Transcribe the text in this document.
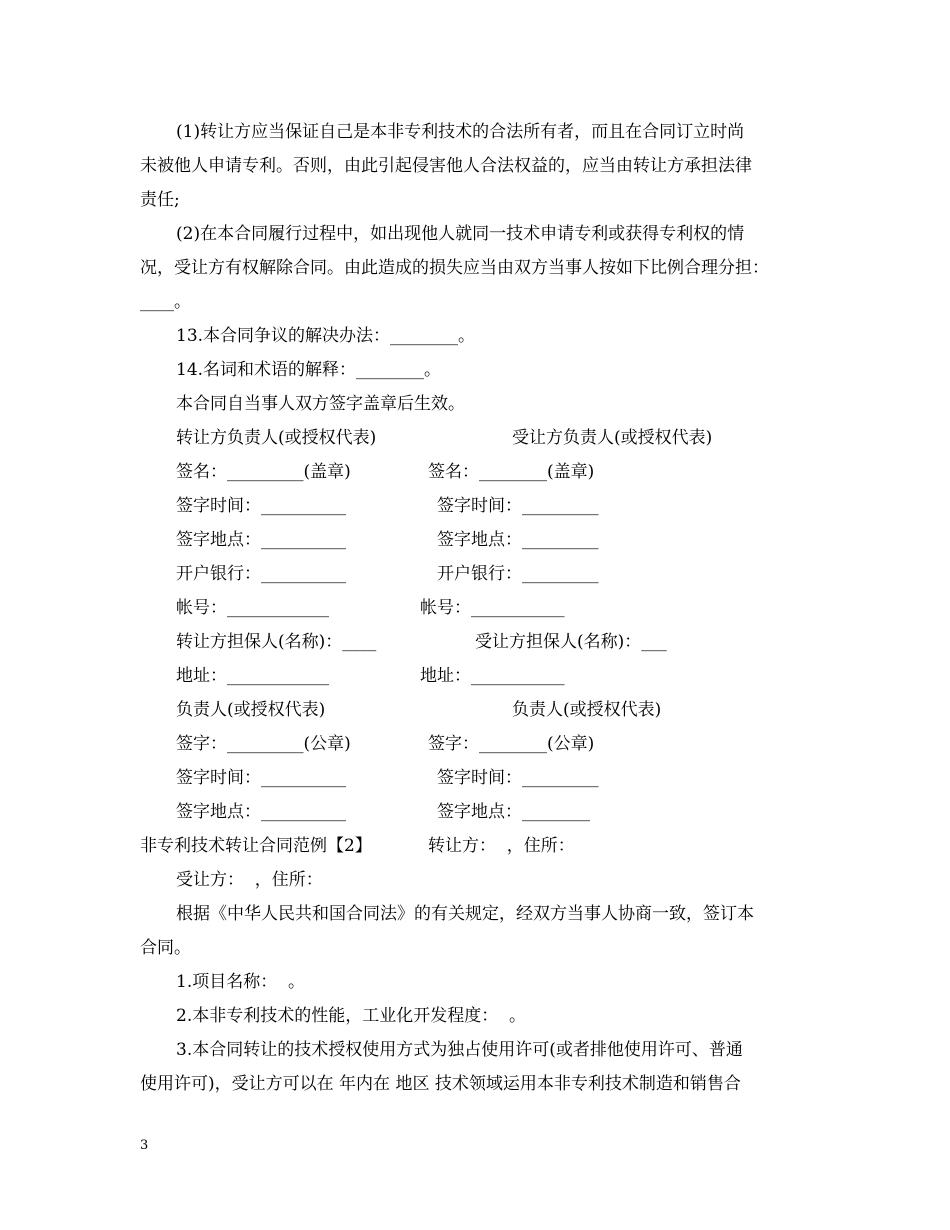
(1)转让方应当保证自己是本非专利技术的合法所有者，而且在合同订立时尚

未被他人申请专利。否则，由此引起侵害他人合法权益的，应当由转让方承担法律

责任;

(2)在本合同履行过程中，如出现他人就同一技术申请专利或获得专利权的情

况，受让方有权解除合同。由此造成的损失应当由双方当事人按如下比例合理分担：

____。

13.本合同争议的解决办法：________。

14.名词和术语的解释：________。

本合同自当事人双方签字盖章后生效。

转让方负责人(或授权代表)	受让方负责人(或授权代表)
签名：_________(盖章)	签名：________(盖章)
签字时间：__________	签字时间：_________
签字地点：__________	签字地点：_________
开户银行：__________	开户银行：_________
帐号：____________	帐号：___________
转让方担保人(名称)：____	受让方担保人(名称)：___
地址：____________	地址：___________
负责人(或授权代表)	负责人(或授权代表)
签字：_________(公章)	签字：________(公章)
签字时间：__________	签字时间：_________
签字地点：__________	签字地点：________
非专利技术转让合同范例【2】	转让方：  ，住所：

受让方：  ，住所：

根据《中华人民共和国合同法》的有关规定，经双方当事人协商一致，签订本

合同。

1.项目名称：  。

2.本非专利技术的性能，工业化开发程度：  。

3.本合同转让的技术授权使用方式为独占使用许可(或者排他使用许可、普通

使用许可)，受让方可以在 年内在 地区 技术领域运用本非专利技术制造和销售合

3
